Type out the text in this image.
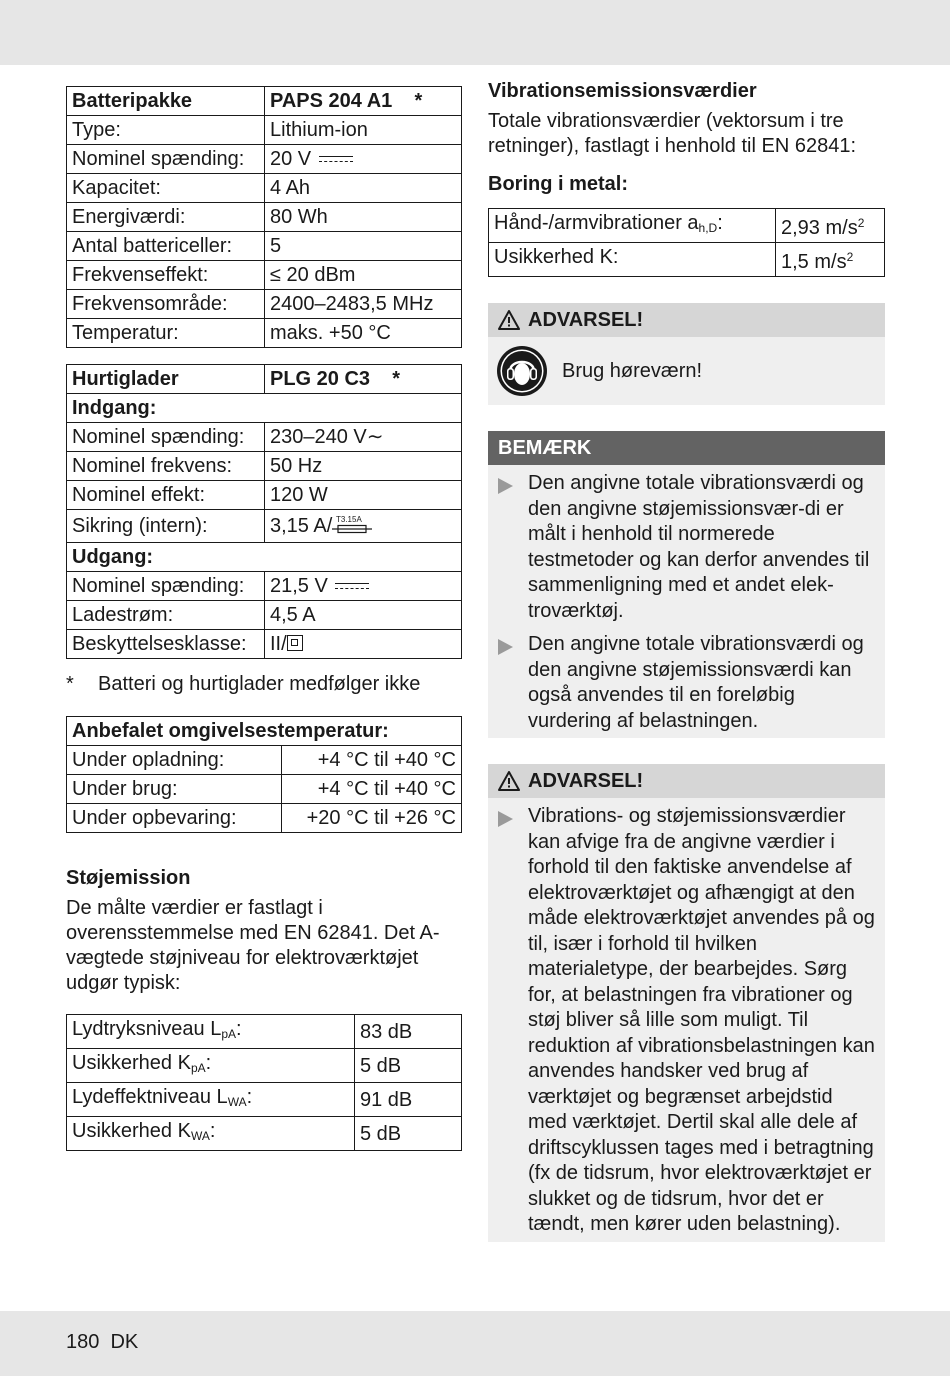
Batteripakke	PAPS 204 A1    *
Type:	Lithium-ion
Nominel spænding:	20 V
Kapacitet:	4 Ah
Energiværdi:	80 Wh
Antal battericeller:	5
Frekvenseffekt:	≤ 20 dBm
Frekvensområde:	2400–2483,5 MHz
Temperatur:	maks. +50 °C
Hurtiglader	PLG 20 C3    *
Indgang:	
Nominel spænding:	230–240 V∼
Nominel frekvens:	50 Hz
Nominel effekt:	120 W
Sikring (intern):	3,15 A/ T3.15A

Udgang:	
Nominel spænding:	21,5 V
Ladestrøm:	4,5 A
Beskyttelsesklasse:	II/
*	Batteri og hurtiglader medfølger ikke
Anbefalet omgivelsestemperatur:	
Under opladning:	+4 °C til +40 °C
Under brug:	+4 °C til +40 °C
Under opbevaring:	+20 °C til +26 °C
Støjemission

De målte værdier er fastlagt i overensstemmelse med EN 62841. Det A-vægtede støjniveau for elektroværktøjet udgør typisk:

Lydtryksniveau $L_{pA}$:	83 dB
Usikkerhed $K_{pA}$:	5 dB
Lydeffektniveau $L_{WA}$:	91 dB
Usikkerhed $K_{WA}$:	5 dB
Vibrationsemissionsværdier

Totale vibrationsværdier (vektorsum i tre retninger), fastlagt i henhold til EN 62841:

Boring i metal:
Hånd-/armvibrationer $a_{h,D}$:	2,93 $m/s^2$
Usikkerhed K:	1,5 $m/s^2$
ADVARSEL!
Brug høreværn!
BEMÆRK
Den angivne totale vibrationsværdi og den angivne støjemissionsvær-di er målt i henhold til normerede testmetoder og kan derfor anvendes til sammenligning med et andet elek-troværktøj.
Den angivne totale vibrationsværdi og den angivne støjemissionsværdi kan også anvendes til en foreløbig vurdering af belastningen.
ADVARSEL!
Vibrations- og støjemissionsværdier kan afvige fra de angivne værdier i forhold til den faktiske anvendelse af elektroværktøjet og afhængigt at den måde elektroværktøjet anvendes på og til, især i forhold til hvilken materialetype, der bearbejdes. Sørg for, at belastningen fra vibrationer og støj bliver så lille som muligt. Til reduktion af vibrationsbelastningen kan anvendes handsker ved brug af værktøjet og begrænset arbejdstid med værktøjet. Dertil skal alle dele af driftscyklussen tages med i betragtning (fx de tidsrum, hvor elektroværktøjet er slukket og de tidsrum, hvor det er tændt, men kører uden belastning).
180  DK
